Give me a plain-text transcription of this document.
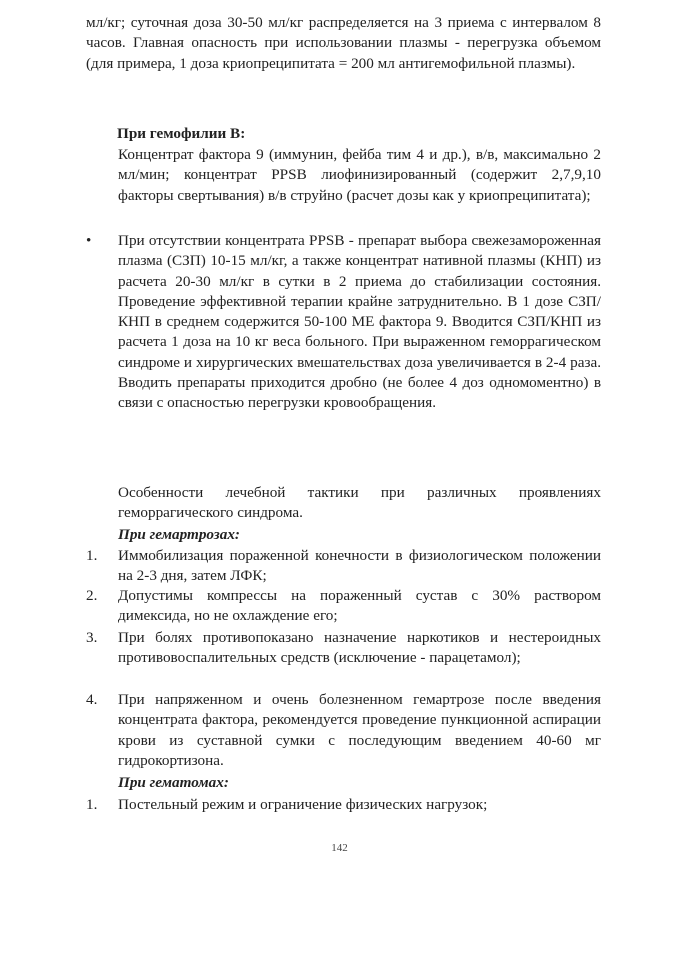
мл/кг; суточная доза 30-50 мл/кг распределяется на 3 приема с интервалом 8 часов. Главная опасность при использовании плазмы - перегрузка объемом (для примера, 1 доза криопреципитата = 200 мл антигемофильной плазмы).

При гемофилии В:

Концентрат фактора 9 (иммунин, фейба тим 4 и др.), в/в, максимально 2 мл/мин; концентрат PPSB лиофинизированный (содержит 2,7,9,10 факторы свертывания) в/в струйно (расчет дозы как у криопреципитата);

• При отсутствии концентрата PPSB - препарат выбора свежезамороженная плазма (СЗП) 10-15 мл/кг, а также концентрат нативной плазмы (КНП) из расчета 20-30 мл/кг в сутки в 2 приема до стабилизации состояния. Проведение эффективной терапии крайне затруднительно. В 1 дозе СЗП/КНП в среднем содержится 50-100 МЕ фактора 9. Вводится СЗП/КНП из расчета 1 доза на 10 кг веса больного. При выраженном геморрагическом синдроме и хирургических вмешательствах доза увеличивается в 2-4 раза. Вводить препараты приходится дробно (не более 4 доз одномоментно) в связи с опасностью перегрузки кровообращения.

Особенности лечебной тактики при различных проявлениях геморрагического синдрома.

При гемартрозах:

1. Иммобилизация пораженной конечности в физиологическом положении на 2-3 дня, затем ЛФК;

2. Допустимы компрессы на пораженный сустав с 30% раствором димексида, но не охлаждение его;

3. При болях противопоказано назначение наркотиков и нестероидных противовоспалительных средств (исключение - парацетамол);

4. При напряженном и очень болезненном гемартрозе после введения концентрата фактора, рекомендуется проведение пункционной аспирации крови из суставной сумки с последующим введением 40-60 мг гидрокортизона.

При гематомах:

1. Постельный режим и ограничение физических нагрузок;

142
